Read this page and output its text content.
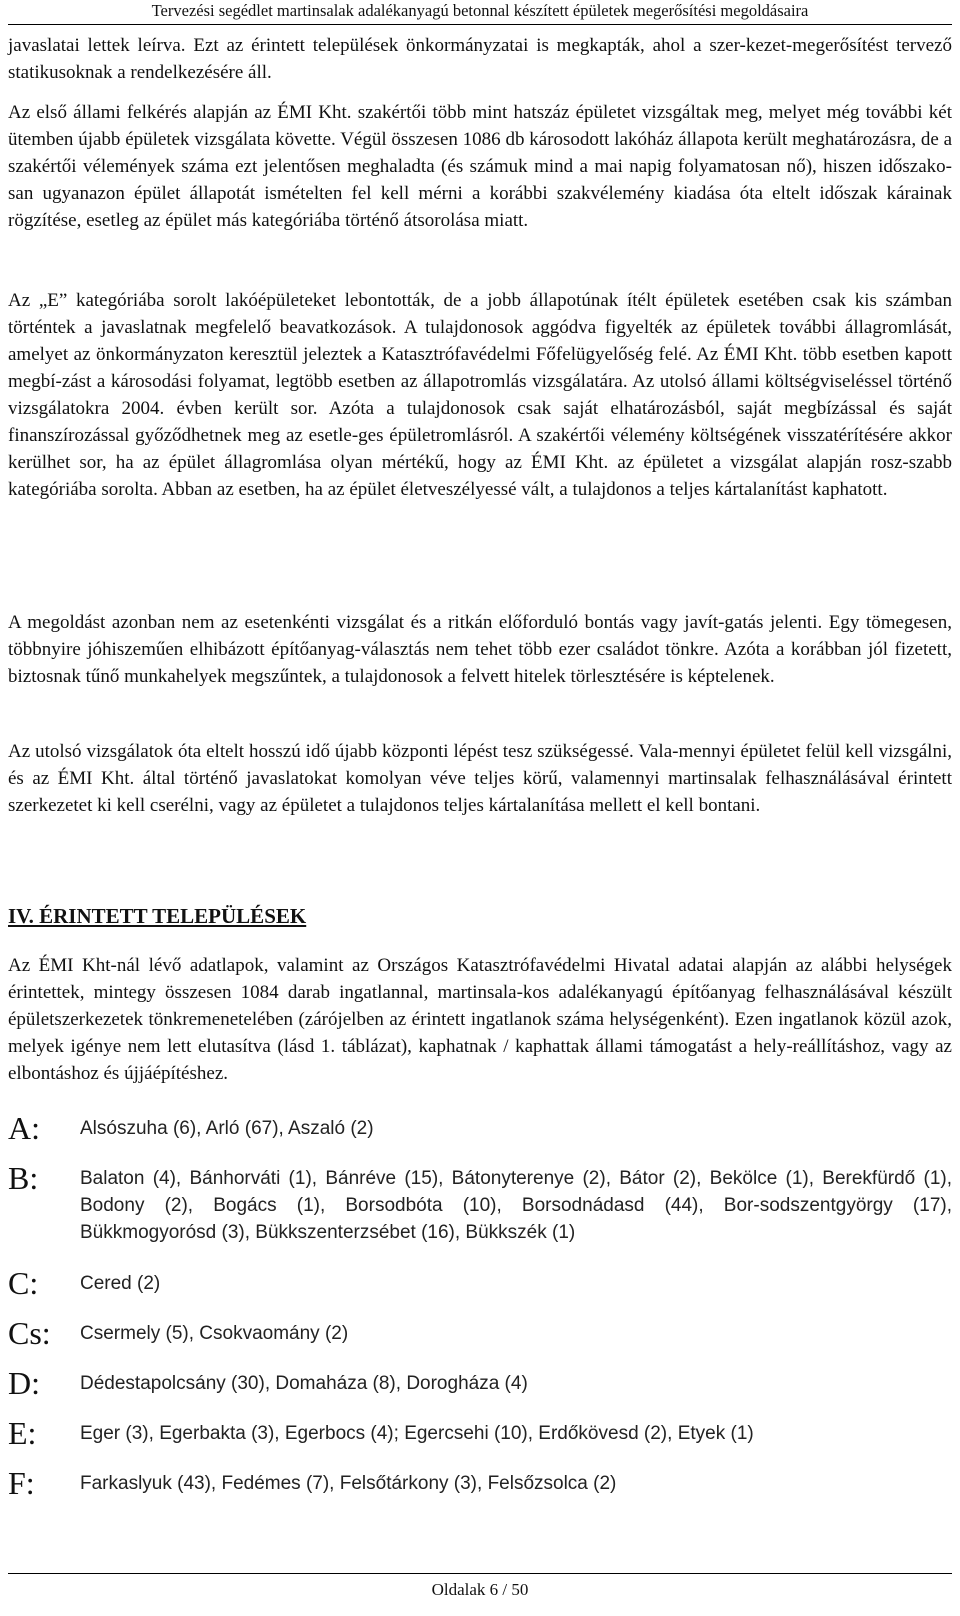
Tervezési segédlet martinsalak adalékanyagú betonnal készített épületek megerősítési megoldásaira

javaslatai lettek leírva. Ezt az érintett települések önkormányzatai is megkapták, ahol a szer-kezet-megerősítést tervező statikusoknak a rendelkezésére áll.

Az első állami felkérés alapján az ÉMI Kht. szakértői több mint hatszáz épületet vizsgáltak meg, melyet még további két ütemben újabb épületek vizsgálata követte. Végül összesen 1086 db károsodott lakóház állapota került meghatározásra, de a szakértői vélemények száma ezt jelentősen meghaladta (és számuk mind a mai napig folyamatosan nő), hiszen időszako-san ugyanazon épület állapotát ismételten fel kell mérni a korábbi szakvélemény kiadása óta eltelt időszak kárainak rögzítése, esetleg az épület más kategóriába történő átsorolása miatt.

Az „E” kategóriába sorolt lakóépületeket lebontották, de a jobb állapotúnak ítélt épületek esetében csak kis számban történtek a javaslatnak megfelelő beavatkozások. A tulajdonosok aggódva figyelték az épületek további állagromlását, amelyet az önkormányzaton keresztül jeleztek a Katasztrófavédelmi Főfelügyelőség felé. Az ÉMI Kht. több esetben kapott megbí-zást a károsodási folyamat, legtöbb esetben az állapotromlás vizsgálatára. Az utolsó állami költségviseléssel történő vizsgálatokra 2004. évben került sor. Azóta a tulajdonosok csak saját elhatározásból, saját megbízással és saját finanszírozással győződhetnek meg az esetle-ges épületromlásról. A szakértői vélemény költségének visszatérítésére akkor kerülhet sor, ha az épület állagromlása olyan mértékű, hogy az ÉMI Kht. az épületet a vizsgálat alapján rosz-szabb kategóriába sorolta. Abban az esetben, ha az épület életveszélyessé vált, a tulajdonos a teljes kártalanítást kaphatott.

A megoldást azonban nem az esetenkénti vizsgálat és a ritkán előforduló bontás vagy javít-gatás jelenti. Egy tömegesen, többnyire jóhiszeműen elhibázott építőanyag-választás nem tehet több ezer családot tönkre. Azóta a korábban jól fizetett, biztosnak tűnő munkahelyek megszűntek, a tulajdonosok a felvett hitelek törlesztésére is képtelenek.

Az utolsó vizsgálatok óta eltelt hosszú idő újabb központi lépést tesz szükségessé. Vala-mennyi épületet felül kell vizsgálni, és az ÉMI Kht. által történő javaslatokat komolyan véve teljes körű, valamennyi martinsalak felhasználásával érintett szerkezetet ki kell cserélni, vagy az épületet a tulajdonos teljes kártalanítása mellett el kell bontani.

IV. ÉRINTETT TELEPÜLÉSEK

Az ÉMI Kht-nál lévő adatlapok, valamint az Országos Katasztrófavédelmi Hivatal adatai alapján az alábbi helységek érintettek, mintegy összesen 1084 darab ingatlannal, martinsala-kos adalékanyagú építőanyag felhasználásával készült épületszerkezetek tönkremenetelében (zárójelben az érintett ingatlanok száma helységenként). Ezen ingatlanok közül azok, melyek igénye nem lett elutasítva (lásd 1. táblázat), kaphatnak / kaphattak állami támogatást a hely-reállításhoz, vagy az elbontáshoz és újjáépítéshez.

A: Alsószuha (6), Arló (67), Aszaló (2)
B: Balaton (4), Bánhorváti (1), Bánréve (15), Bátonyterenye (2), Bátor (2), Bekölce (1), Berekfürdő (1), Bodony (2), Bogács (1), Borsodbóta (10), Borsodnádasd (44), Bor-sodszentgyörgy (17), Bükkmogyorósd (3), Bükkszenterzsébet (16), Bükkszék (1)
C: Cered (2)
Cs: Csermely (5), Csokvaomány (2)
D: Dédestapolcsány (30), Domaháza (8), Dorogháza (4)
E: Eger (3), Egerbakta (3), Egerbocs (4); Egercsehi (10), Erdőkövesd (2), Etyek (1)
F: Farkaslyuk (43), Fedémes (7), Felsőtárkony (3), Felsőzsolca (2)
Oldalak 6 / 50
